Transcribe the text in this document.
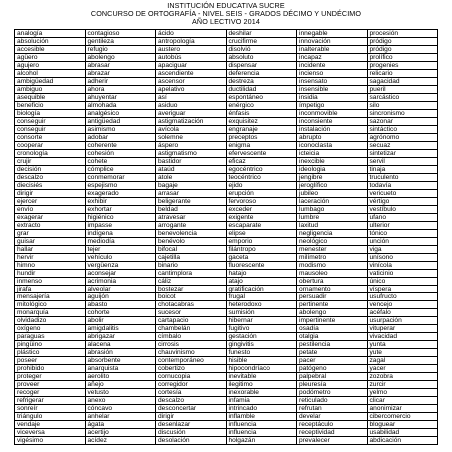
INSTITUCIÓN EDUCATIVA SUCRE
CONCURSO DE ORTOGRAFÍA - NIVEL SEIS - GRADOS DÉCIMO Y UNDÉCIMO
AÑO LECTIVO 2014
analogía	contagioso	ácido	deshilar	innegable	procesión
absolución	gentileza	antropología	crucifirme	innovación	pródigo
accesible	refugio	austero	disolvió	inalterable	pródigo
agüero	abolengo	autobús	absoluto	incapaz	prolífico
agujero	abrasar	apaciguar	dispensar	incidente	progenies
alcohol	abrazar	ascendiente	deferencia	incienso	relicario
ambigüedad	adherir	ascensor	destreza	insensato	sagacidad
ambiguo	ahora	apelativo	ductilidad	insensible	pueril
asequible	ahuyentar	así	espontáneo	insidia	sarcástico
beneficio	almohada	asiduo	enérgico	ímpetigo	silo
biología	analgésico	averiguar	énfasis	inconmovible	sincronismo
conseguir	antigüedad	astigmatización	exquisitez	inconsiente	sazonar
conseguir	asimismo	avícola	engranaje	instalación	sintáctico
consorte	adobar	solemne	preceptos	abrupto	agrónomo
cooperar	coherente	áspero	enigma	iconoclasta	secuaz
cronología	cohesión	astigmatismo	efervescente	icteicia	sintetizar
crujir	cohete	bastidor	eficaz	inexcible	servil
decisión	cómplice	ataúd	egocéntrico	ideologia	tinaja
descalzo	conmemorar	atole	teocéntrico	jengibre	truculento
diecisiés	espejismo	bagaje	ejido	jeroglífico	todavía
dirigir	exagerado	arrasar	erupción	jubileo	vericueto
ejercer	exhibir	beligerante	fervoroso	laceración	vértigo
envío	exhortar	beldad	exceder	lumbago	vestíbulo
exagerar	higiénico	atravesar	exigente	lumbre	ufano
extracto	impasse	arrogante	escaparate	laxitud	ulterior
grar	indígena	benevolencia	elipse	negligencia	tónico
guisar	mediodía	benévolo	emporio	neológico	unción
hallar	tejer	bifocal	filántropo	menester	viga
hervir	vehículo	cajetilla	gaceta	milímetro	unísono
himno	vergüenza	binario	fluorescente	modismo	vinícola
hundir	aconsejar	cantimplora	hatajo	mausoleo	vaticinio
inmenso	acrimonia	cáliz	atajo	obertura	único
jirafa	alveolar	bostezar	gratificación	ornamento	víspera
mensajería	aguijón	boicot	frugal	persuadir	usufructo
mitológico	abasto	chotacabras	heterodoxo	pertinente	vencejo
monarquía	cohorte	sucesor	sumisión	abolengo	acéfalo
olvidadizo	abolir	cartapacio	hibernar	impertinente	usurpación
oxígeno	amigdalitis	chambelán	fugitivo	osadía	vituperar
paraguas	abrigazar	címbalo	gestación	otalgia	vivacidad
pingüino	alacena	cirrosis	gingivitis	pestilencia	yunta
plástico	abrasión	chauvinismo	funesto	petate	yute
poseer	absorbente	contemporáneo	hisible	pacer	zagal
prohibido	anarquista	cobertizo	hipocondríaco	patógeno	yacer
proteger	aerolito	cornucopia	inevitable	palpebral	zozobra
proveer	añejo	corregidor	ilegitimo	pleuresía	zurcir
recoger	vetusto	cortesía	inexorable	podómetro	yelmo
refrigerar	anexo	descalzo	infamia	reticulado	clicar
sonreír	cóncavo	desconcertar	intrincado	refrutan	anonimizar
triángulo	anhelar	dirigir	inflamble	develar	cibercomercio
vendaje	ágata	desenlazar	influencia	receptáculo	bloguear
viceversa	acertijo	discusión	influencia	receptividad	usabilidad
vigésimo	acídez	desolación	holgazán	prevalecer	abdicación
